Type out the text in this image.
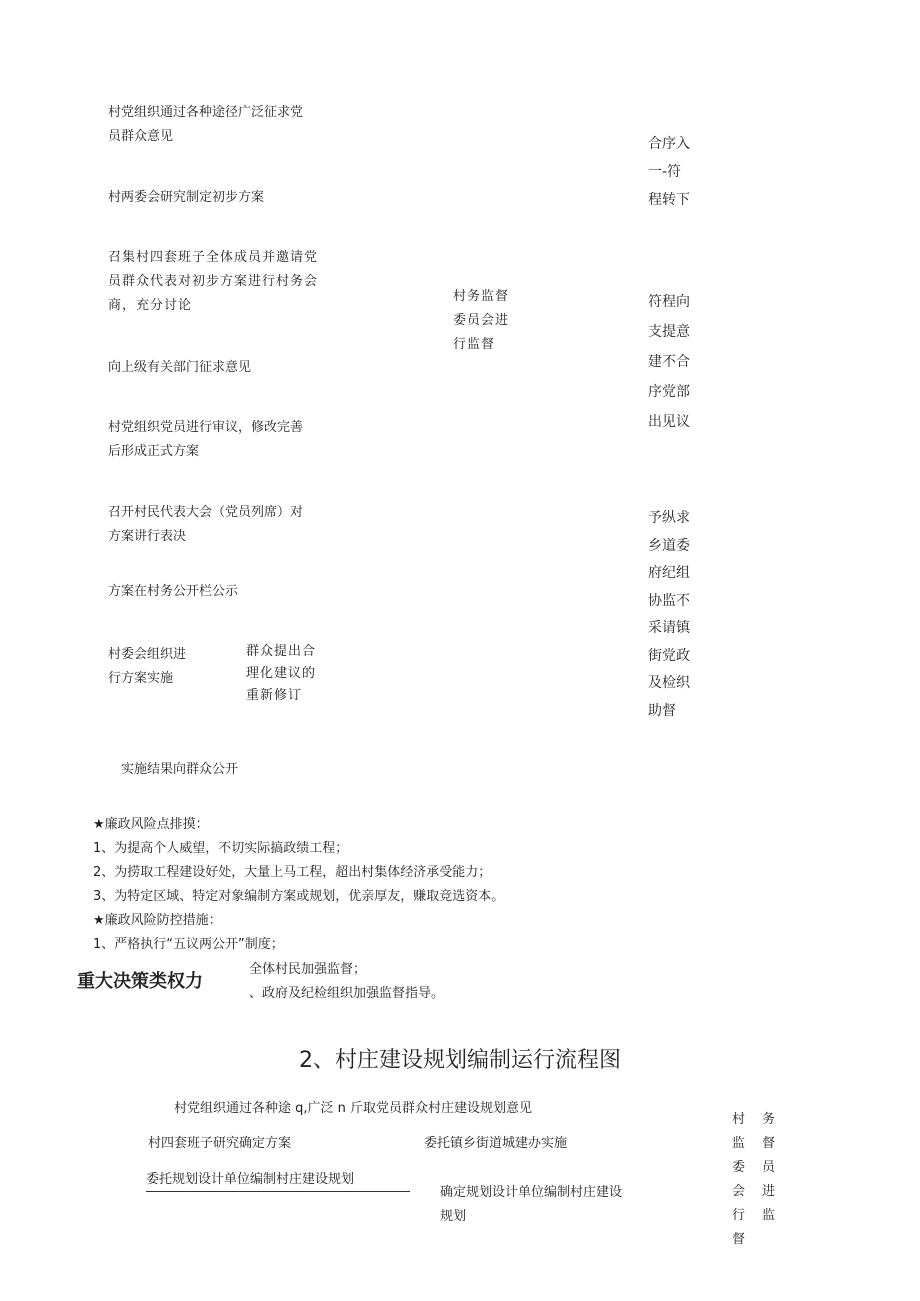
村党组织通过各种途径广泛征求党
员群众意见
村两委会研究制定初步方案
召集村四套班子全体成员并邀请党
员群众代表对初步方案进行村务会
商，充分讨论
向上级有关部门征求意见
村党组织党员进行审议，修改完善
后形成正式方案
召开村民代表大会（党员列席）对
方案讲行表决
方案在村务公开栏公示
村委会组织进
行方案实施
群众提出合
理化建议的
重新修订
实施结果向群众公开
村务监督
委员会进
行监督
合序入
一-符
程转下
符程向
支提意
建不合
序党部
出见议
予纵求
乡道委
府纪组
协监不
采请镇
街党政
及检织
助督
★廉政风险点排摸：
1、为提高个人威望，不切实际搞政绩工程；
2、为捞取工程建设好处，大量上马工程，超出村集体经济承受能力；
3、为特定区域、特定对象编制方案或规划，优亲厚友，赚取竞选资本。
★廉政风险防控措施：
1、严格执行“五议两公开”制度；
重大决策类权力
全体村民加强监督；
、政府及纪检组织加强监督指导。
2、村庄建设规划编制运行流程图
村党组织通过各种途 q,广泛 n 斤取党员群众村庄建设规划意见
村四套班子研究确定方案	委托镇乡街道城建办实施
委托规划设计单位编制村庄建设规划
确定规划设计单位编制村庄建设
规划
村
监
委
会
行
督
务
督
员
进
监
